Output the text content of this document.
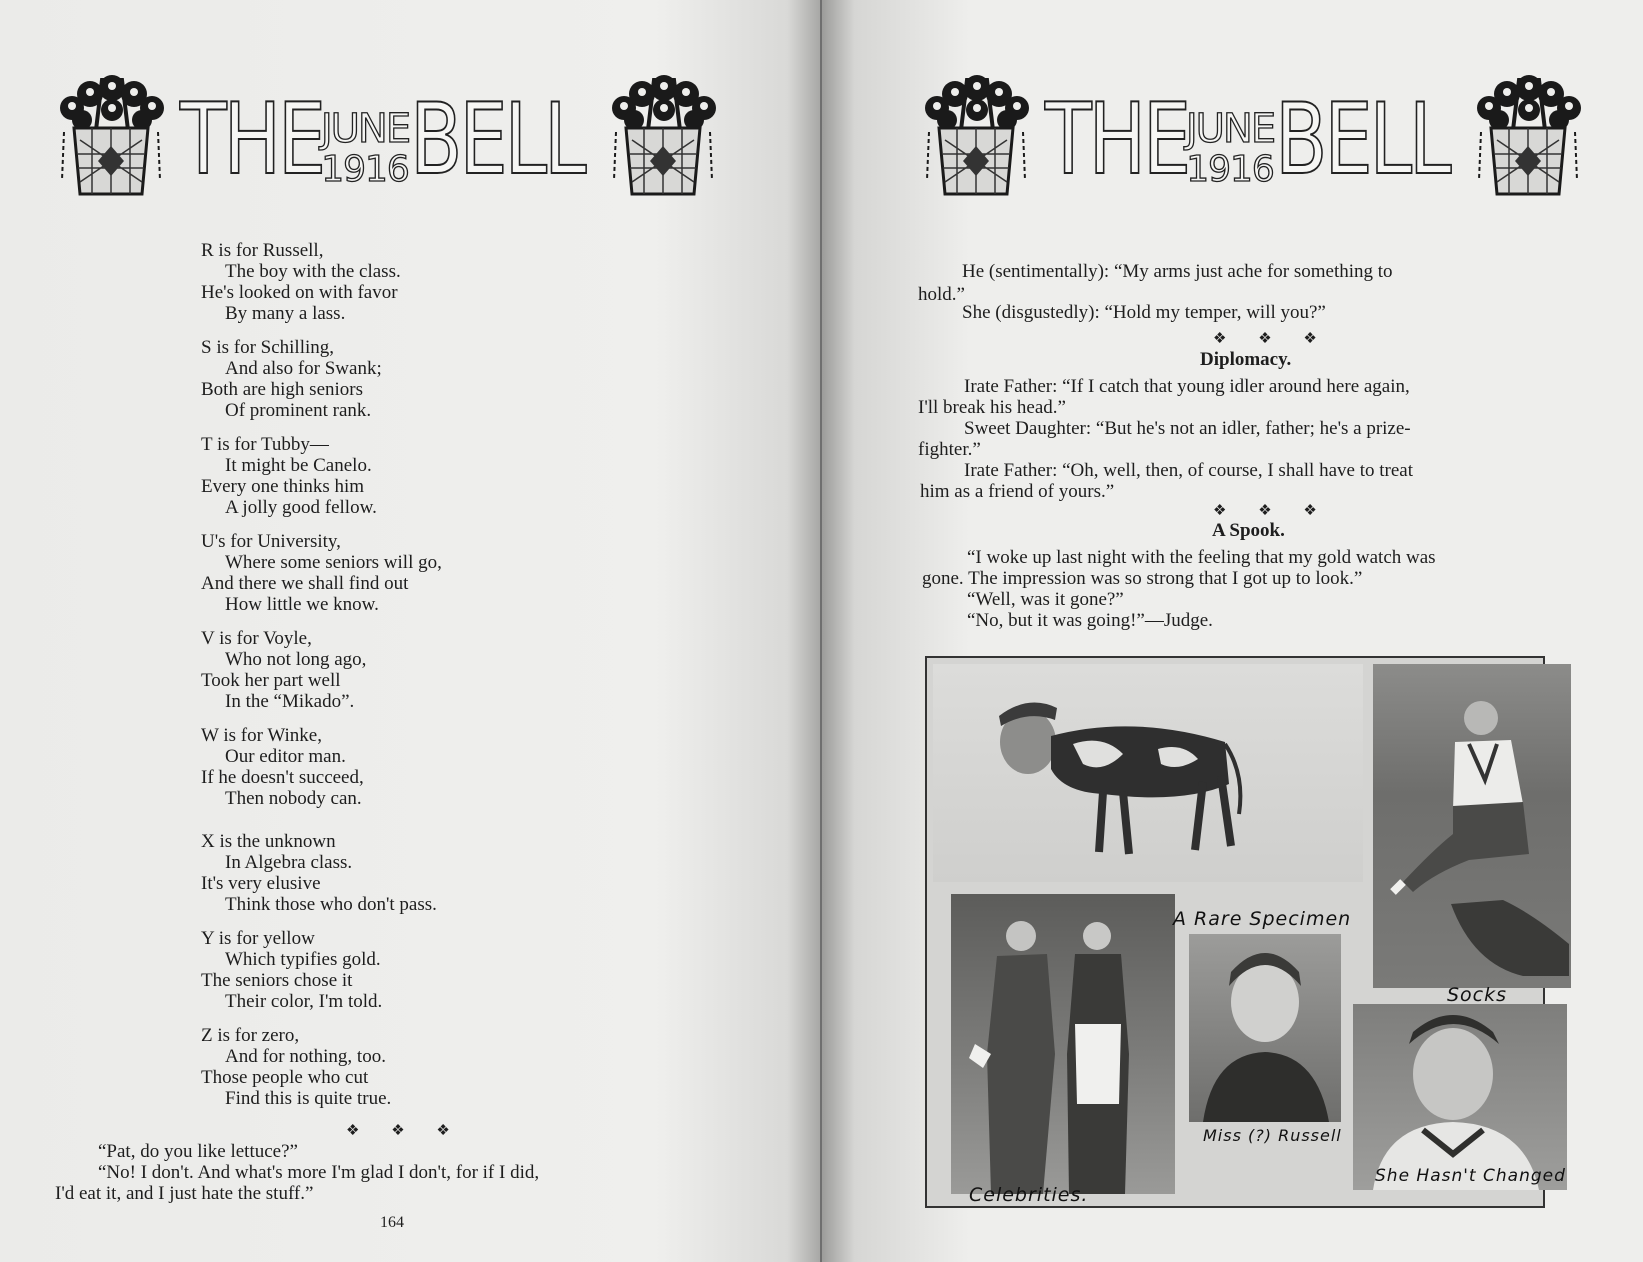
THE
JUNE
1916 BELL
R is for Russell,
The boy with the class.
He's looked on with favor
By many a lass.
S is for Schilling,
And also for Swank;
Both are high seniors
Of prominent rank.
T is for Tubby—
It might be Canelo.
Every one thinks him
A jolly good fellow.
U's for University,
Where some seniors will go,
And there we shall find out
How little we know.
V is for Voyle,
Who not long ago,
Took her part well
In the “Mikado”.
W is for Winke,
Our editor man.
If he doesn't succeed,
Then nobody can.
X is the unknown
In Algebra class.
It's very elusive
Think those who don't pass.
Y is for yellow
Which typifies gold.
The seniors chose it
Their color, I'm told.
Z is for zero,
And for nothing, too.
Those people who cut
Find this is quite true.
❖ ❖ ❖
“Pat, do you like lettuce?”
“No! I don't. And what's more I'm glad I don't, for if I did,
I'd eat it, and I just hate the stuff.”
164
THE
JUNE
1916 BELL
He (sentimentally): “My arms just ache for something to
hold.”
She (disgustedly): “Hold my temper, will you?”
❖ ❖ ❖
Diplomacy.
Irate Father: “If I catch that young idler around here again,
I'll break his head.”
Sweet Daughter: “But he's not an idler, father; he's a prize-
fighter.”
Irate Father: “Oh, well, then, of course, I shall have to treat
him as a friend of yours.”
❖ ❖ ❖
A Spook.
“I woke up last night with the feeling that my gold watch was
gone. The impression was so strong that I got up to look.”
“Well, was it gone?”
“No, but it was going!”—Judge.
A Rare Specimen
Socks
Celebrities.
Miss (?) Russell
She Hasn't Changed
